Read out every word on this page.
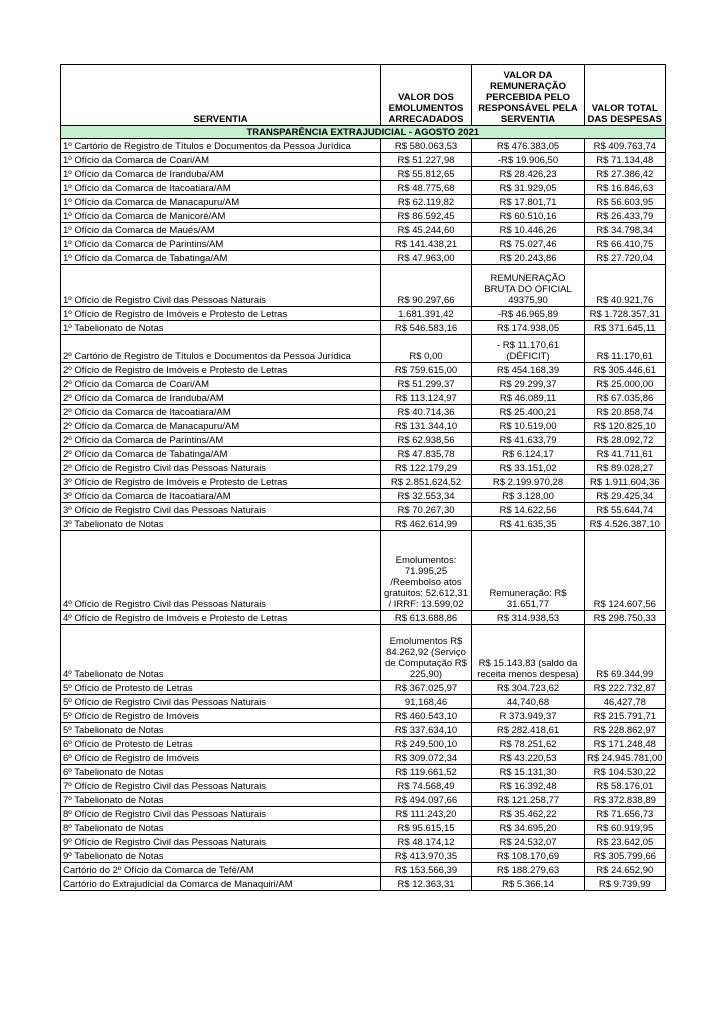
SERVENTIA	VALOR DOS EMOLUMENTOS ARRECADADOS	VALOR DA REMUNERAÇÃO PERCEBIDA PELO RESPONSÁVEL PELA SERVENTIA	VALOR TOTAL DAS DESPESAS
TRANSPARÊNCIA EXTRAJUDICIAL - AGOSTO 2021			
1º Cartório de Registro de Títulos e Documentos da Pessoa Jurídica	R$ 580.063,53	R$ 476.383,05	R$ 409.763,74
1º Ofício da Comarca de Coari/AM	R$ 51.227,98	-R$ 19.906,50	R$ 71.134,48
1º Ofício da Comarca de Iranduba/AM	R$ 55.812,65	R$ 28.426,23	R$ 27.386,42
1º Ofício da Comarca de Itacoatiara/AM	R$ 48.775,68	R$ 31.929,05	R$ 16.846,63
1º Ofício da Comarca de Manacapuru/AM	R$ 62.119,82	R$ 17.801,71	R$ 56.603,95
1º Ofício da Comarca de Manicoré/AM	R$ 86.592,45	R$ 60.510,16	R$ 26.433,79
1º Ofício da Comarca de Maués/AM	R$ 45.244,60	R$ 10.446,26	R$ 34.798,34
1º Ofício da Comarca de Parintins/AM	R$ 141.438,21	R$ 75.027,46	R$ 66.410,75
1º Ofício da Comarca de Tabatinga/AM	R$ 47.963,00	R$ 20.243,86	R$ 27.720,04
1º Ofício de Registro Civil das Pessoas Naturais	R$ 90.297,66	REMUNERAÇÃO BRUTA DO OFICIAL 49375,90	R$ 40.921,76
1º Ofício de Registro de Imóveis e Protesto de Letras	1.681.391,42	-R$ 46.965,89	R$ 1.728.357,31
1º Tabelionato de Notas	R$ 546.583,16	R$ 174.938,05	R$ 371.645,11
2º Cartório de Registro de Títulos e Documentos da Pessoa Jurídica	R$ 0,00	- R$ 11.170,61 (DÉFICIT)	R$ 11.170,61
2º Ofício de Registro de Imóveis e Protesto de Letras	R$ 759.615,00	R$ 454.168,39	R$ 305.446,61
2º Ofício da Comarca de Coari/AM	R$ 51.299,37	R$ 29.299,37	R$ 25.000,00
2º Ofício da Comarca de Iranduba/AM	R$ 113.124,97	R$ 46.089,11	R$ 67.035,86
2º Ofício da Comarca de Itacoatiara/AM	R$ 40.714,36	R$ 25.400,21	R$ 20.858,74
2º Ofício da Comarca de Manacapuru/AM	R$ 131.344,10	R$ 10.519,00	R$ 120.825,10
2º Ofício da Comarca de Parintins/AM	R$ 62.938,56	R$ 41.633,79	R$ 28.092,72
2º Ofício da Comarca de Tabatinga/AM	R$ 47.835,78	R$ 6.124,17	R$ 41.711,61
2º Ofício de Registro Civil das Pessoas Naturais	R$ 122.179,29	R$ 33.151,02	R$ 89.028,27
3º Ofício de Registro de Imóveis e Protesto de Letras	R$ 2.851.624,52	R$ 2.199.970,28	R$ 1.911.604,36
3º Ofício da Comarca de Itacoatiara/AM	R$ 32.553,34	R$ 3.128,00	R$ 29.425,34
3º Ofício de Registro Civil das Pessoas Naturais	R$ 70.267,30	R$ 14.622,56	R$ 55.644,74
3º Tabelionato de Notas	R$ 462.614,99	R$ 41.635,35	R$ 4.526.387,10
4º Ofício de Registro Civil das Pessoas Naturais	Emolumentos: 71.995,25 /Reembolso atos gratuitos: 52.612,31 / IRRF: 13.599,02	Remuneração: R$ 31.651,77	R$ 124.607,56
4º Ofício de Registro de Imóveis e Protesto de Letras	R$ 613.688,86	R$ 314.938,53	R$ 298.750,33
4º Tabelionato de Notas	Emolumentos R$ 84.262,92 (Serviço de Computação R$ 225,90)	R$ 15.143,83 (saldo da receita menos despesa)	R$ 69.344,99
5º Ofício de Protesto de Letras	R$ 367.025,97	R$ 304.723,62	R$ 222.732,87
5º Ofício de Registro Civil das Pessoas Naturais	91,168,46	44,740,68	46,427,78
5º Ofício de Registro de Imóveis	R$ 460.543,10	R 373.949,37	R$ 215.791,71
5º Tabelionato de Notas	R$ 337.634,10	R$ 282.418,61	R$ 228.862,97
6º Ofício de Protesto de Letras	R$ 249.500,10	R$ 78.251,62	R$ 171.248,48
6º Ofício de Registro de Imóveis	R$ 309.072,34	R$ 43.220,53	R$ 24.945.781,00
6º Tabelionato de Notas	R$ 119.661,52	R$ 15.131,30	R$ 104.530,22
7º Ofício de Registro Civil das Pessoas Naturais	R$ 74.568,49	R$ 16.392,48	R$ 58.176,01
7º Tabelionato de Notas	R$ 494.097,66	R$ 121.258,77	R$ 372.838,89
8º Ofício de Registro Civil das Pessoas Naturais	R$ 111.243,20	R$ 35.462,22	R$ 71.656,73
8º Tabelionato de Notas	R$ 95.615,15	R$ 34.695,20	R$ 60.919,95
9º Ofício de Registro Civil das Pessoas Naturais	R$ 48.174,12	R$ 24.532,07	R$ 23.642,05
9º Tabelionato de Notas	R$ 413.970,35	R$ 108.170,69	R$ 305.799,66
Cartório do 2º Ofício da Comarca de Tefé/AM	R$ 153.566,39	R$ 188.279,63	R$ 24.652,90
Cartório do Extrajudicial da Comarca de Manaquiri/AM	R$ 12.363,31	R$ 5.366,14	R$ 9.739,99
